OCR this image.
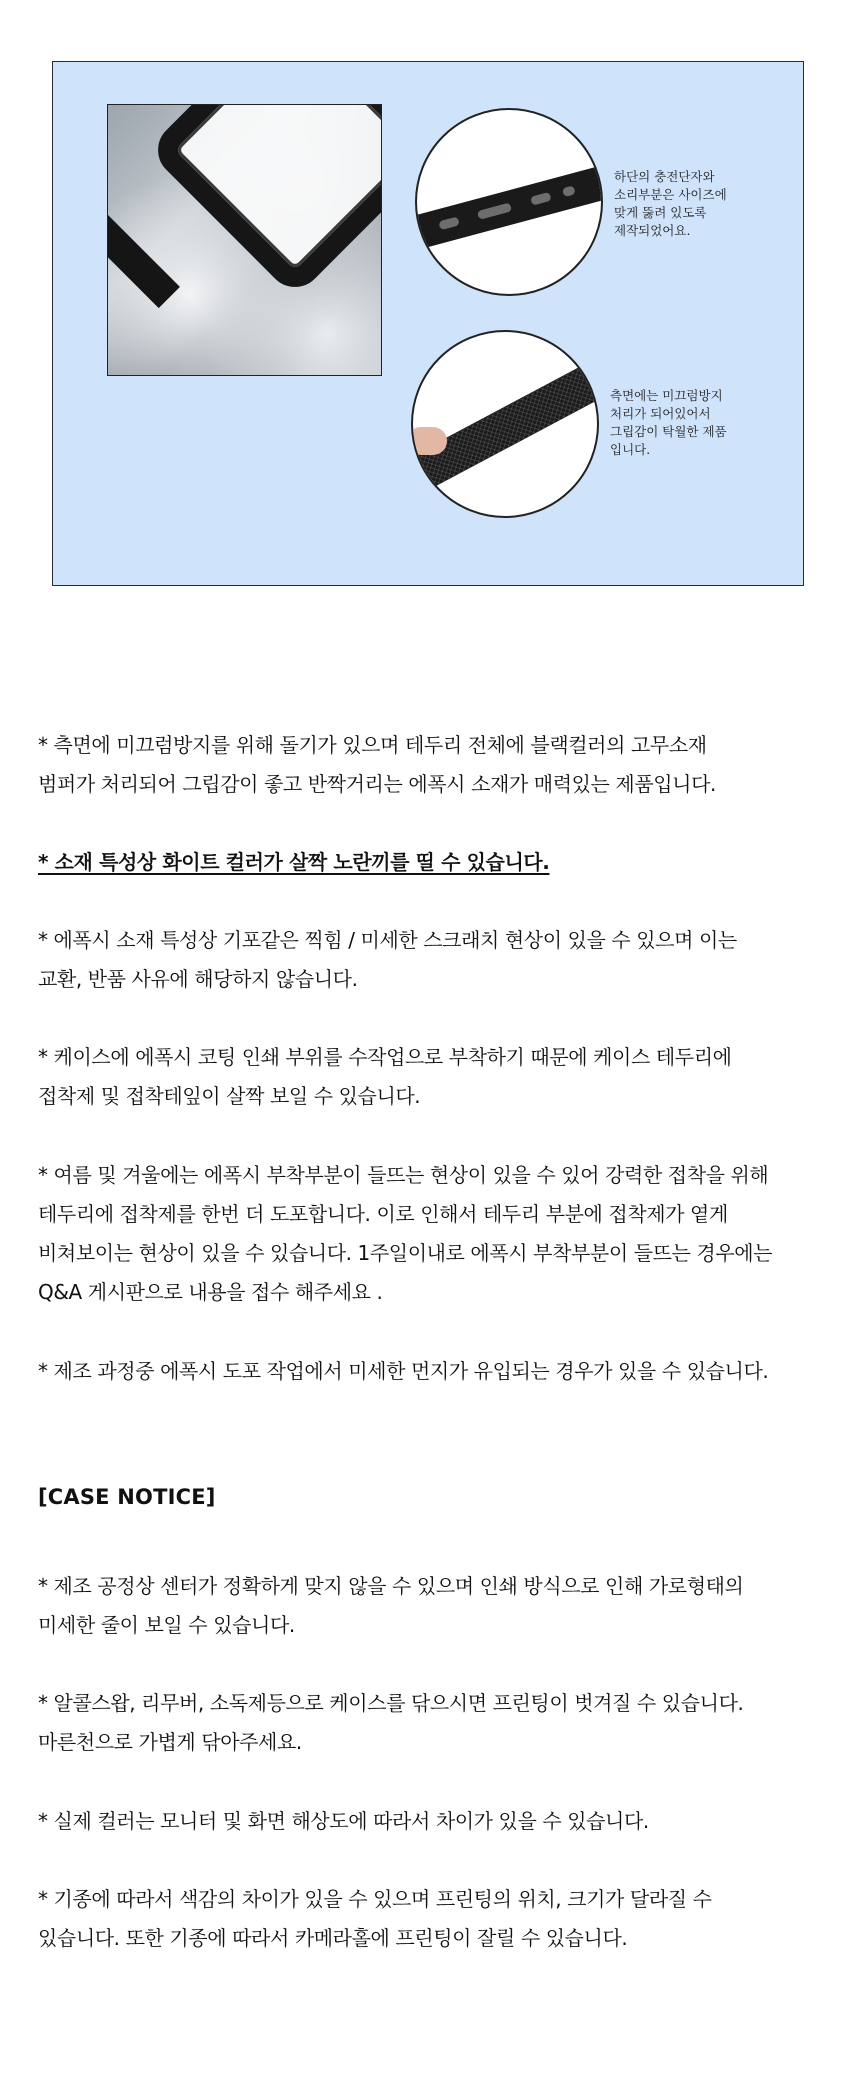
하단의 충전단자와
소리부분은 사이즈에
맞게 뚫려 있도록
제작되었어요.
측면에는 미끄럼방지
처리가 되어있어서
그립감이 탁월한 제품
입니다.
* 측면에 미끄럼방지를 위해 돌기가 있으며 테두리 전체에 블랙컬러의 고무소재
범퍼가 처리되어 그립감이 좋고 반짝거리는 에폭시 소재가 매력있는 제품입니다.
* 소재 특성상 화이트 컬러가 살짝 노란끼를 띨 수 있습니다.
* 에폭시 소재 특성상 기포같은 찍힘 / 미세한 스크래치 현상이 있을 수 있으며 이는
교환, 반품 사유에 해당하지 않습니다.
* 케이스에 에폭시 코팅 인쇄 부위를 수작업으로 부착하기 때문에 케이스 테두리에
접착제 및 접착테잎이 살짝 보일 수 있습니다.
* 여름 및 겨울에는 에폭시 부착부분이 들뜨는 현상이 있을 수 있어 강력한 접착을 위해
테두리에 접착제를 한번 더 도포합니다. 이로 인해서 테두리 부분에 접착제가 옅게
비쳐보이는 현상이 있을 수 있습니다. 1주일이내로 에폭시 부착부분이 들뜨는 경우에는
Q&A 게시판으로 내용을 접수 해주세요 .
* 제조 과정중 에폭시 도포 작업에서 미세한 먼지가 유입되는 경우가 있을 수 있습니다.
[CASE NOTICE]
* 제조 공정상 센터가 정확하게 맞지 않을 수 있으며 인쇄 방식으로 인해 가로형태의
미세한 줄이 보일 수 있습니다.
* 알콜스왑, 리무버, 소독제등으로 케이스를 닦으시면 프린팅이 벗겨질 수 있습니다.
마른천으로 가볍게 닦아주세요.
* 실제 컬러는 모니터 및 화면 해상도에 따라서 차이가 있을 수 있습니다.
* 기종에 따라서 색감의 차이가 있을 수 있으며 프린팅의 위치, 크기가 달라질 수
있습니다. 또한 기종에 따라서 카메라홀에 프린팅이 잘릴 수 있습니다.
